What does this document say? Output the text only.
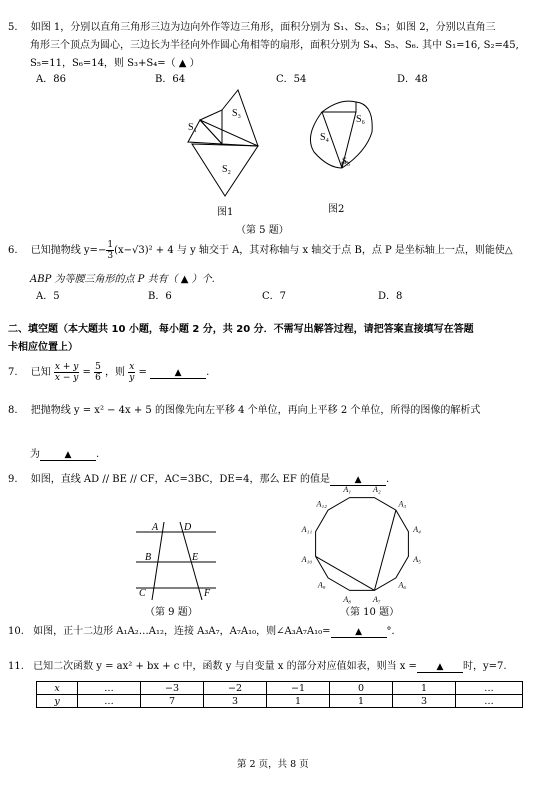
5. 如图 1，分别以直角三角形三边为边向外作等边三角形，面积分别为 S₁、S₂、S₃；如图 2，分别以直角三
角形三个顶点为圆心，三边长为半径向外作圆心角相等的扇形，面积分别为 S₄、S₅、S₆. 其中 S₁=16, S₂=45,
S₅=11，S₆=14，则 S₃+S₄=（ ▲ ）
A．86	B．64	C．54	D．48
S₁
S₂
S₃
图1
S₄
S₅
S₆
图2
（第 5 题）
6. 已知抛物线 $y=- \frac{1}{3} (x-√3)^2 + 4$ 与 y 轴交于 A，其对称轴与 x 轴交于点 B，点 P 是坐标轴上一点，则能使△
ABP 为等腰三角形的点 P 共有（ ▲ ）个.
A．5	B．6	C．7	D．8
二、填空题（本大题共 10 小题，每小题 2 分，共 20 分．不需写出解答过程，请把答案直接填写在答题
卡相应位置上）
7. 已知 $\frac{x + y}{x - y} = \frac{5}{6}$ ，则 $\frac{x}{y}$ =	▲ .
8. 把抛物线 y = x² − 4x + 5 的图像先向左平移 4 个单位，再向上平移 2 个单位，所得的图像的解析式
为	▲ .
9. 如图，直线 AD // BE // CF，AC=3BC，DE=4，那么 EF 的值是	▲ .
A	D
B	E
C	F
（第 9 题）
A₁	A₂
A₃
A₄
A₅
A₆
A₇
A₈
A₉
A₁₀
A₁₁
A₁₂
（第 10 题）
10. 如图，正十二边形 A₁A₂…A₁₂，连接 A₃A₇，A₇A₁₀，则∠A₃A₇A₁₀=	▲ °．
11. 已知二次函数 y = ax² + bx + c 中，函数 y 与自变量 x 的部分对应值如表，则当 x = ▲ 时，y=7.
x	…	−3	−2	−1	0	1	…
y	…	7	3	1	1	3	…
第 2 页，共 8 页
